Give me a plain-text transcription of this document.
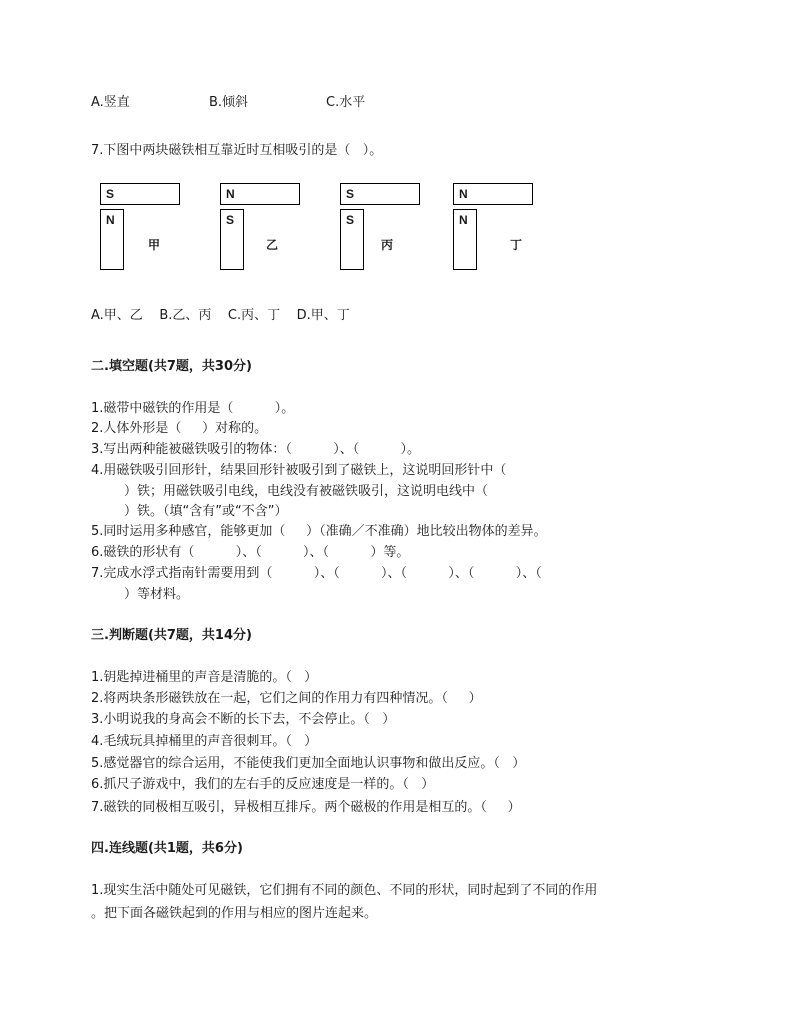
A.竖直	B.倾斜	C.水平
7.下图中两块磁铁相互靠近时互相吸引的是（   ）。
S
N
甲
N
S
乙
S
S
丙
N
N
丁
A.甲、乙    B.乙、丙    C.丙、丁    D.甲、丁
二.填空题(共7题，共30分)
1.磁带中磁铁的作用是（          ）。
2.人体外形是（     ）对称的。
3.写出两种能被磁铁吸引的物体：（          ）、（          ）。
4.用磁铁吸引回形针，结果回形针被吸引到了磁铁上，这说明回形针中（
）铁；用磁铁吸引电线，电线没有被磁铁吸引，这说明电线中（
）铁。（填“含有”或“不含”）
5.同时运用多种感官，能够更加（     ）（准确／不准确）地比较出物体的差异。
6.磁铁的形状有（          ）、（          ）、（          ）等。
7.完成水浮式指南针需要用到（          ）、（          ）、（          ）、（          ）、（
）等材料。
三.判断题(共7题，共14分)
1.钥匙掉进桶里的声音是清脆的。（   ）
2.将两块条形磁铁放在一起，它们之间的作用力有四种情况。（     ）
3.小明说我的身高会不断的长下去，不会停止。（   ）
4.毛绒玩具掉桶里的声音很刺耳。（   ）
5.感觉器官的综合运用，不能使我们更加全面地认识事物和做出反应。（   ）
6.抓尺子游戏中，我们的左右手的反应速度是一样的。（   ）
7.磁铁的同极相互吸引，异极相互排斥。两个磁极的作用是相互的。（     ）
四.连线题(共1题，共6分)
1.现实生活中随处可见磁铁，它们拥有不同的颜色、不同的形状，同时起到了不同的作用
。把下面各磁铁起到的作用与相应的图片连起来。
